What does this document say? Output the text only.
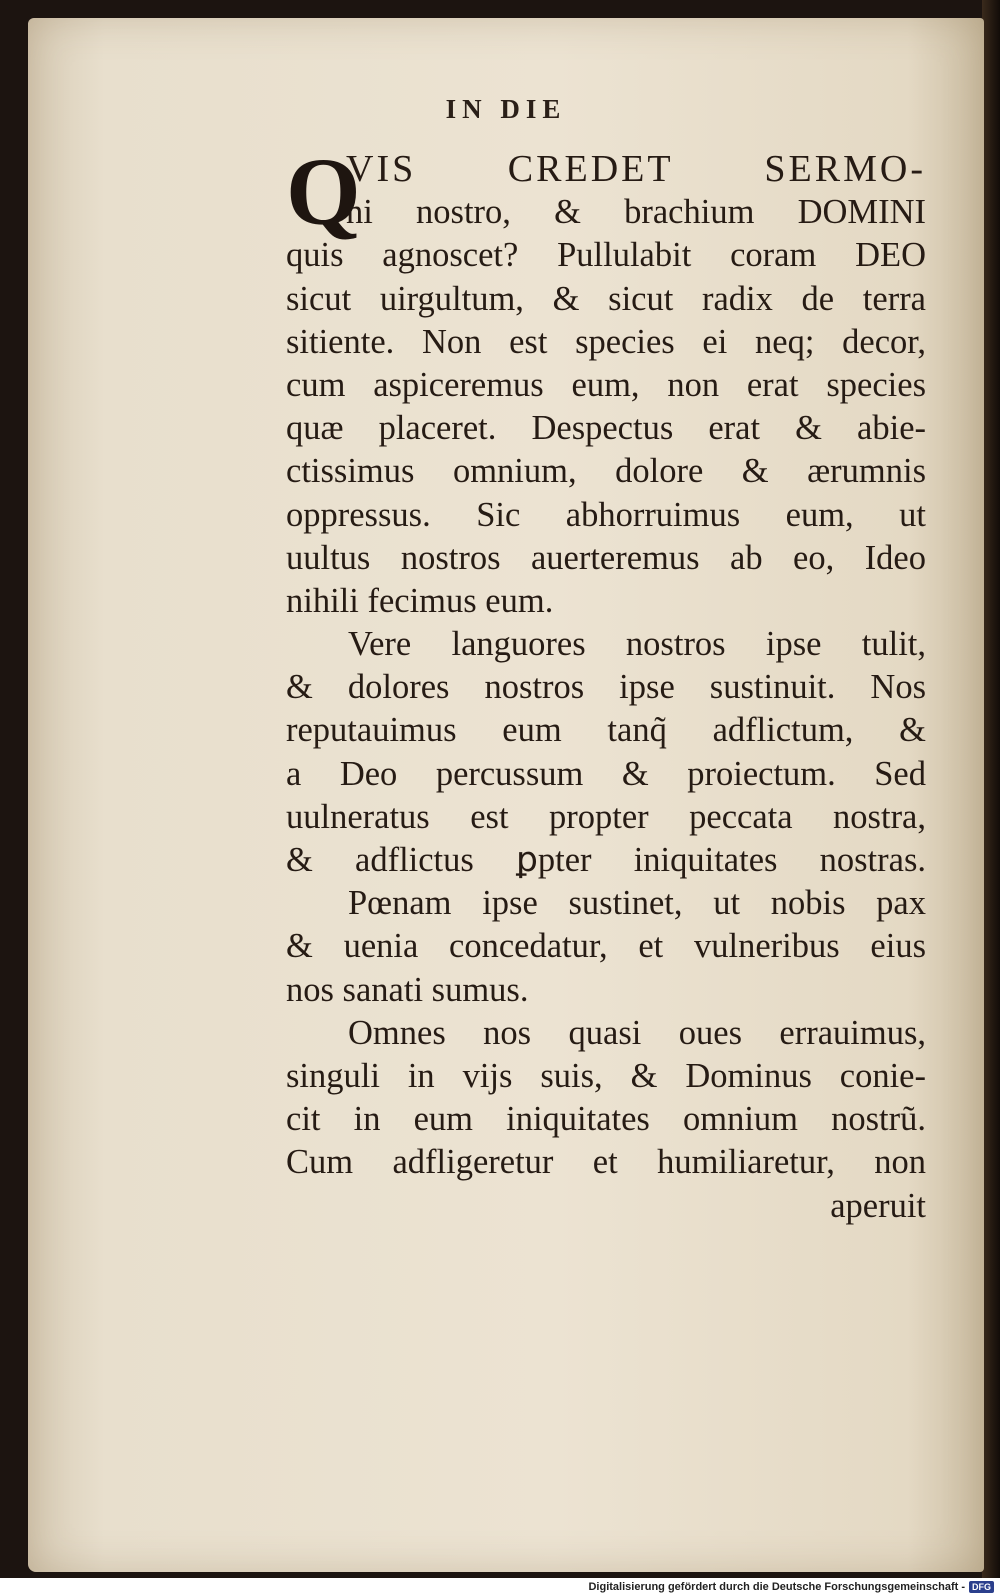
IN DIE
Q
VIS CREDET SERMO-
ni nostro, & brachium DOMINI
quis agnoscet? Pullulabit coram DEO
sicut uirgultum, & sicut radix de terra
sitiente. Non est species ei neq; decor,
cum aspiceremus eum, non erat species
quæ placeret. Despectus erat & abie-
ctissimus omnium, dolore & ærumnis
oppressus. Sic abhorruimus eum, ut
uultus nostros auerteremus ab eo, Ideo
nihili fecimus eum.
Vere languores nostros ipse tulit,
& dolores nostros ipse sustinuit. Nos
reputauimus eum tanq̃ adflictum, &
a Deo percussum & proiectum. Sed
uulneratus est propter peccata nostra,
& adflictus ꝑpter iniquitates nostras.
Pœnam ipse sustinet, ut nobis pax
& uenia concedatur, et vulneribus eius
nos sanati sumus.
Omnes nos quasi oues errauimus,
singuli in vijs suis, & Dominus conie-
cit in eum iniquitates omnium nostrũ.
Cum adfligeretur et humiliaretur, non
aperuit
Digitalisierung gefördert durch die Deutsche Forschungsgemeinschaft - DFG
